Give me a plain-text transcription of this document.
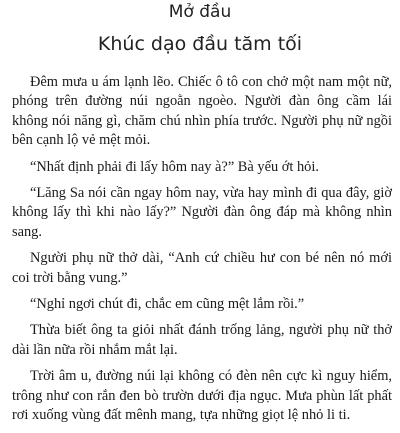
Mở đầu
Khúc dạo đầu tăm tối

Đêm mưa u ám lạnh lẽo. Chiếc ô tô con chở một nam một nữ, phóng trên đường núi ngoằn ngoèo. Người đàn ông cầm lái không nói năng gì, chăm chú nhìn phía trước. Người phụ nữ ngồi bên cạnh lộ vẻ mệt mỏi.

“Nhất định phải đi lấy hôm nay à?” Bà yếu ớt hỏi.

“Lăng Sa nói cần ngay hôm nay, vừa hay mình đi qua đây, giờ không lấy thì khi nào lấy?” Người đàn ông đáp mà không nhìn sang.

Người phụ nữ thở dài, “Anh cứ chiều hư con bé nên nó mới coi trời bằng vung.”

“Nghỉ ngơi chút đi, chắc em cũng mệt lắm rồi.”

Thừa biết ông ta giỏi nhất đánh trống lảng, người phụ nữ thở dài lần nữa rồi nhắm mắt lại.

Trời âm u, đường núi lại không có đèn nên cực kì nguy hiểm, trông như con rắn đen bò trườn dưới địa ngục. Mưa phùn lất phất rơi xuống vùng đất mênh mang, tựa những giọt lệ nhỏ li ti.
